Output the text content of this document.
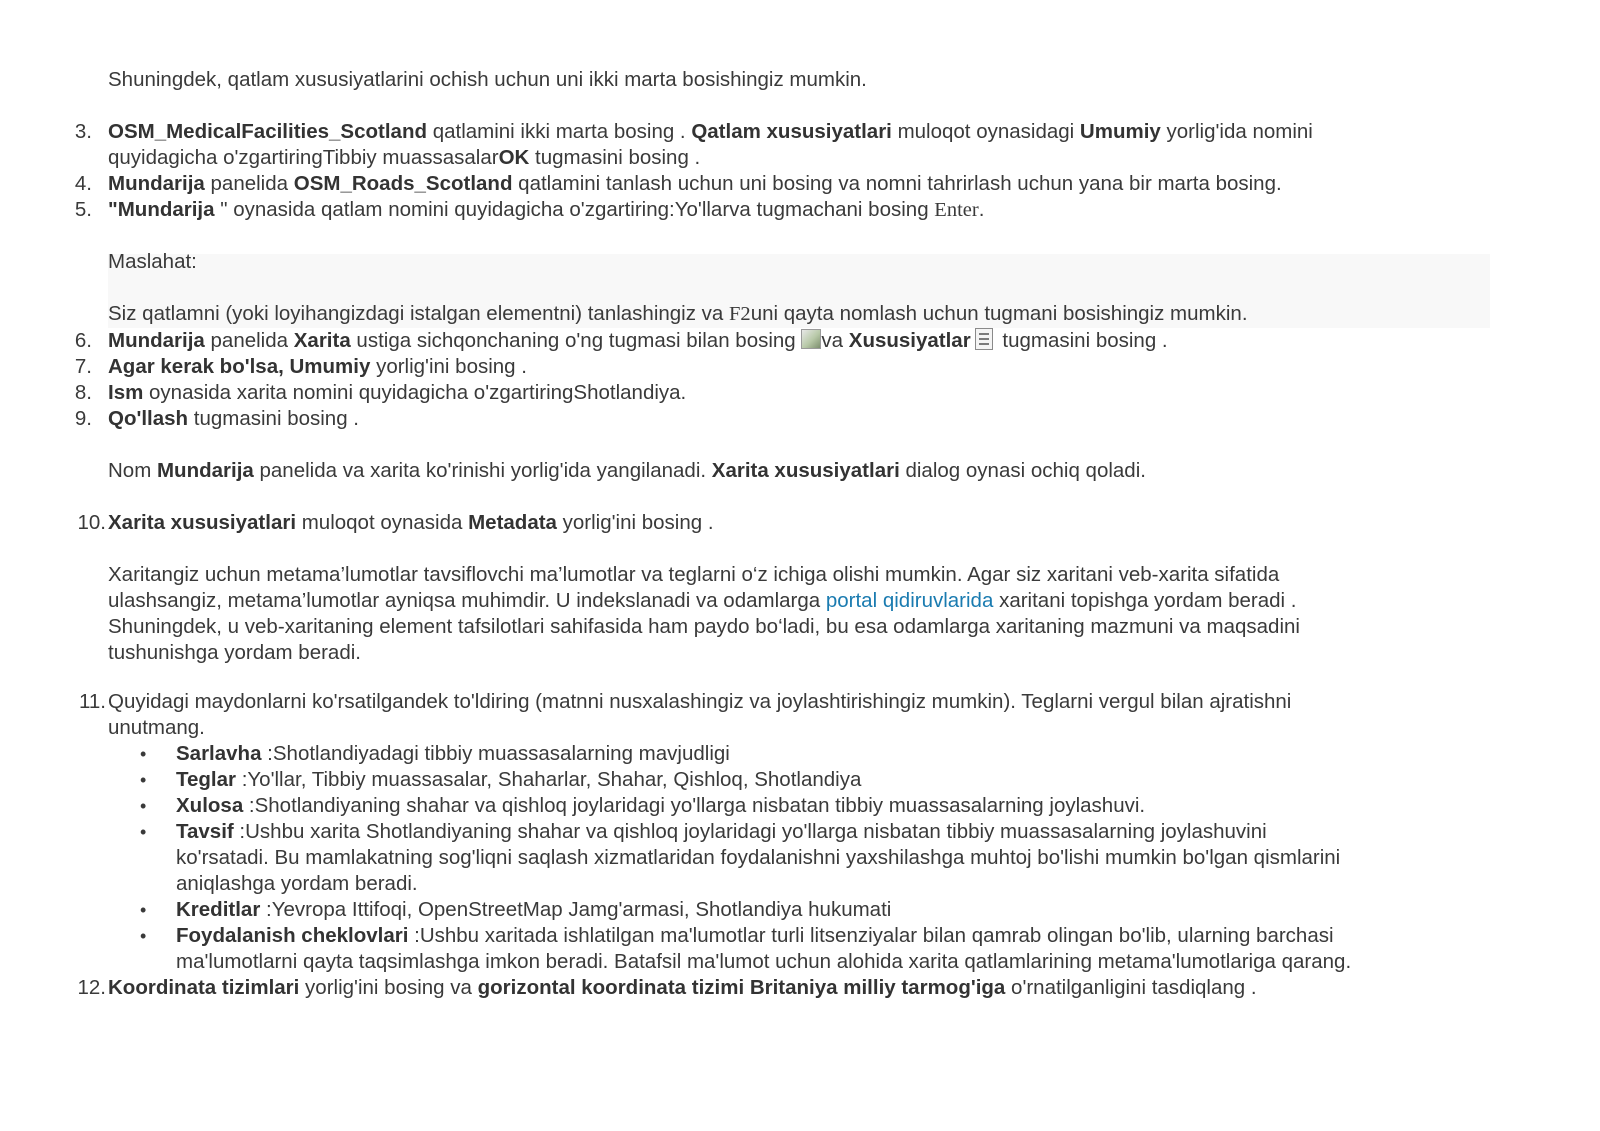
Shuningdek, qatlam xususiyatlarini ochish uchun uni ikki marta bosishingiz mumkin.
3. OSM_MedicalFacilities_Scotland qatlamini ikki marta bosing . Qatlam xususiyatlari muloqot oynasidagi Umumiy yorlig'ida nomini
quyidagicha o'zgartiringTibbiy muassasalarOK tugmasini bosing .
4. Mundarija panelida OSM_Roads_Scotland qatlamini tanlash uchun uni bosing va nomni tahrirlash uchun yana bir marta bosing.
5. "Mundarija " oynasida qatlam nomini quyidagicha o'zgartiring:Yo'llarva tugmachani bosing Enter.
Maslahat:
Siz qatlamni (yoki loyihangizdagi istalgan elementni) tanlashingiz va F2uni qayta nomlash uchun tugmani bosishingiz mumkin.
6. Mundarija panelida Xarita ustiga sichqonchaning o'ng tugmasi bilan bosing va Xususiyatlar tugmasini bosing .
7. Agar kerak bo'lsa, Umumiy yorlig'ini bosing .
8. Ism oynasida xarita nomini quyidagicha o'zgartiringShotlandiya.
9. Qo'llash tugmasini bosing .
Nom Mundarija panelida va xarita ko'rinishi yorlig'ida yangilanadi. Xarita xususiyatlari dialog oynasi ochiq qoladi.
10. Xarita xususiyatlari muloqot oynasida Metadata yorlig'ini bosing .
Xaritangiz uchun metama’lumotlar tavsiflovchi ma’lumotlar va teglarni o‘z ichiga olishi mumkin. Agar siz xaritani veb-xarita sifatida
ulashsangiz, metama’lumotlar ayniqsa muhimdir. U indekslanadi va odamlarga portal qidiruvlarida xaritani topishga yordam beradi .
Shuningdek, u veb-xaritaning element tafsilotlari sahifasida ham paydo bo‘ladi, bu esa odamlarga xaritaning mazmuni va maqsadini
tushunishga yordam beradi.
11. Quyidagi maydonlarni ko'rsatilgandek to'ldiring (matnni nusxalashingiz va joylashtirishingiz mumkin). Teglarni vergul bilan ajratishni
unutmang.
• Sarlavha :Shotlandiyadagi tibbiy muassasalarning mavjudligi
• Teglar :Yo'llar, Tibbiy muassasalar, Shaharlar, Shahar, Qishloq, Shotlandiya
• Xulosa :Shotlandiyaning shahar va qishloq joylaridagi yo'llarga nisbatan tibbiy muassasalarning joylashuvi.
• Tavsif :Ushbu xarita Shotlandiyaning shahar va qishloq joylaridagi yo'llarga nisbatan tibbiy muassasalarning joylashuvini
ko'rsatadi. Bu mamlakatning sog'liqni saqlash xizmatlaridan foydalanishni yaxshilashga muhtoj bo'lishi mumkin bo'lgan qismlarini
aniqlashga yordam beradi.
• Kreditlar :Yevropa Ittifoqi, OpenStreetMap Jamg'armasi, Shotlandiya hukumati
• Foydalanish cheklovlari :Ushbu xaritada ishlatilgan ma'lumotlar turli litsenziyalar bilan qamrab olingan bo'lib, ularning barchasi
ma'lumotlarni qayta taqsimlashga imkon beradi. Batafsil ma'lumot uchun alohida xarita qatlamlarining metama'lumotlariga qarang.
12. Koordinata tizimlari yorlig'ini bosing va gorizontal koordinata tizimi Britaniya milliy tarmog'iga o'rnatilganligini tasdiqlang .
